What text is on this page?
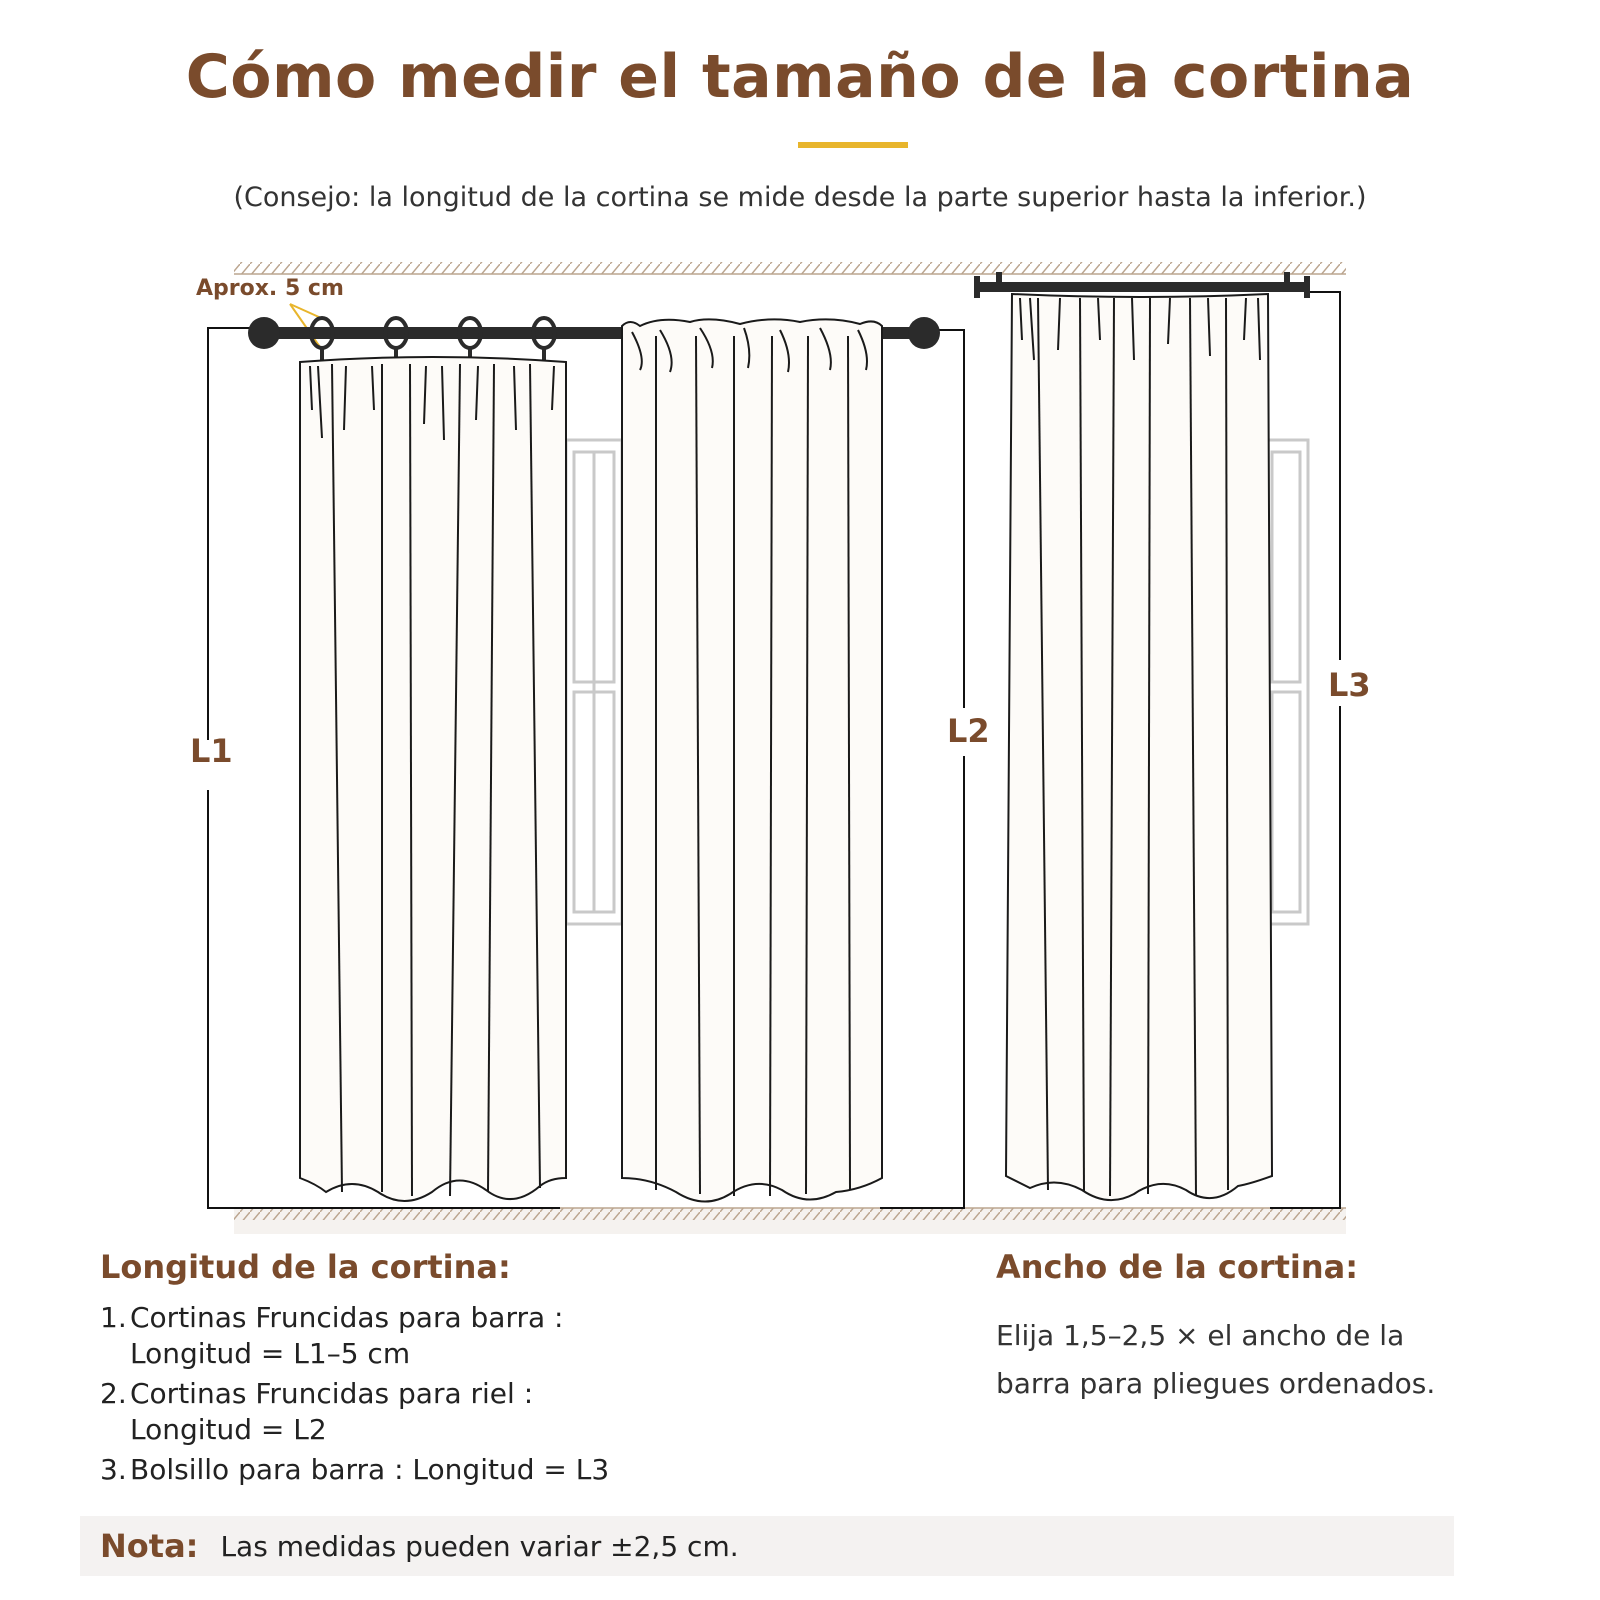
Cómo medir el tamaño de la cortina
(Consejo: la longitud de la cortina se mide desde la parte superior hasta la inferior.)
Aprox. 5 cm
L1
L2
L3
Longitud de la cortina:
1. Cortinas Fruncidas para barra :
Longitud = L1–5 cm
2. Cortinas Fruncidas para riel :
Longitud = L2
3. Bolsillo para barra : Longitud = L3
Ancho de la cortina:
Elija 1,5–2,5 × el ancho de la
barra para pliegues ordenados.
Nota: Las medidas pueden variar ±2,5 cm.
